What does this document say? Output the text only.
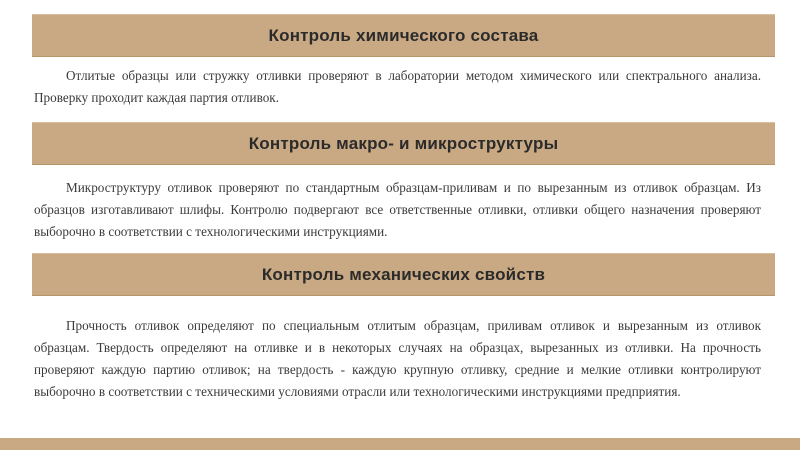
Контроль химического состава

Отлитые образцы или стружку отливки проверяют в лаборатории методом химического или спектрального анализа. Проверку проходит каждая партия отливок.

Контроль макро- и микроструктуры

Микроструктуру отливок проверяют по стандартным образцам-приливам и по вырезанным из отливок образцам. Из образцов изготавливают шлифы. Контролю подвергают все ответственные отливки, отливки общего назначения проверяют выборочно в соответствии с технологическими инструкциями.

Контроль механических свойств

Прочность отливок определяют по специальным отлитым образцам, приливам отливок и вырезанным из отливок образцам. Твердость определяют на отливке и в некоторых случаях на образцах, вырезанных из отливки. На прочность проверяют каждую партию отливок; на твердость - каждую крупную отливку, средние и мелкие отливки контролируют выборочно в соответствии с техническими условиями отрасли или технологическими инструкциями предприятия.
